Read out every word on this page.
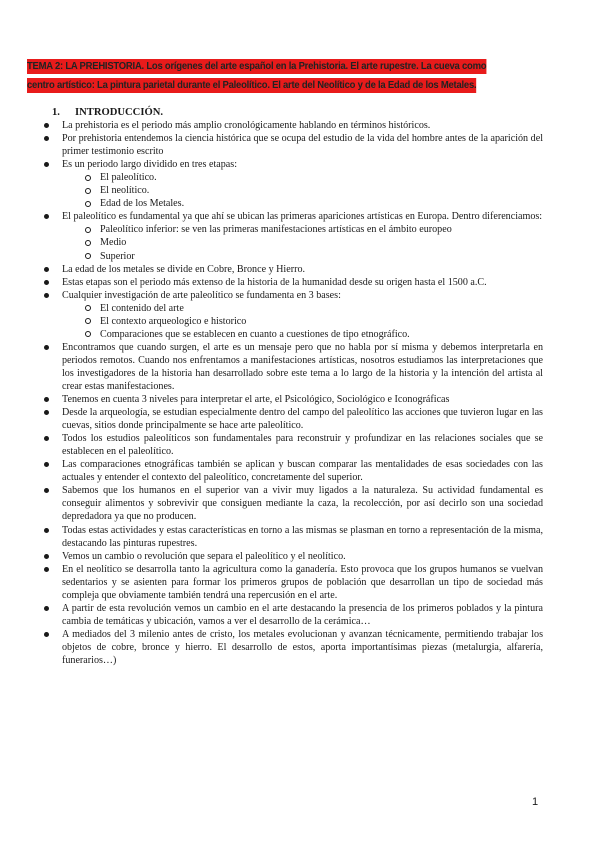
TEMA 2: LA PREHISTORIA. Los orígenes del arte español en la Prehistoria. El arte rupestre. La cueva como centro artístico: La pintura parietal durante el Paleolítico. El arte del Neolítico y de la Edad de los Metales.
1. INTRODUCCIÓN.
La prehistoria es el periodo más amplio cronológicamente hablando en términos históricos.
Por prehistoria entendemos la ciencia histórica que se ocupa del estudio de la vida del hombre antes de la aparición del primer testimonio escrito
Es un periodo largo dividido en tres etapas:
El paleolítico.
El neolítico.
Edad de los Metales.
El paleolítico es fundamental ya que ahí se ubican las primeras apariciones artísticas en Europa. Dentro diferenciamos:
Paleolítico inferior: se ven las primeras manifestaciones artísticas en el ámbito europeo
Medio
Superior
La edad de los metales se divide en Cobre, Bronce y Hierro.
Estas etapas son el periodo más extenso de la historia de la humanidad desde su origen hasta el 1500 a.C.
Cualquier investigación de arte paleolítico se fundamenta en 3 bases:
El contenido del arte
El contexto arqueologico e historico
Comparaciones que se establecen en cuanto a cuestiones de tipo etnográfico.
Encontramos que cuando surgen, el arte es un mensaje pero que no habla por sí misma y debemos interpretarla en periodos remotos. Cuando nos enfrentamos a manifestaciones artísticas, nosotros estudiamos las interpretaciones que los investigadores de la historia han desarrollado sobre este tema a lo largo de la historia y la intención del artista al crear estas manifestaciones.
Tenemos en cuenta 3 niveles para interpretar el arte, el Psicológico, Sociológico e Iconográficas
Desde la arqueología, se estudian especialmente dentro del campo del paleolítico las acciones que tuvieron lugar en las cuevas, sitios donde principalmente se hace arte paleolítico.
Todos los estudios paleolíticos son fundamentales para reconstruir y profundizar en las relaciones sociales que se establecen en el paleolítico.
Las comparaciones etnográficas también se aplican y buscan comparar las mentalidades de esas sociedades con las actuales y entender el contexto del paleolítico, concretamente del superior.
Sabemos que los humanos en el superior van a vivir muy ligados a la naturaleza. Su actividad fundamental es conseguir alimentos y sobrevivir que consiguen mediante la caza, la recolección, por así decirlo son una sociedad depredadora ya que no producen.
Todas estas actividades y estas características en torno a las mismas se plasman en torno a representación de la misma, destacando las pinturas rupestres.
Vemos un cambio o revolución que separa el paleolítico y el neolítico.
En el neolítico se desarrolla tanto la agricultura como la ganadería. Esto provoca que los grupos humanos se vuelvan sedentarios y se asienten para formar los primeros grupos de población que desarrollan un tipo de sociedad más compleja que obviamente también tendrá una repercusión en el arte.
A partir de esta revolución vemos un cambio en el arte destacando la presencia de los primeros poblados y la pintura cambia de temáticas y ubicación, vamos a ver el desarrollo de la cerámica…
A mediados del 3 milenio antes de cristo, los metales evolucionan y avanzan técnicamente, permitiendo trabajar los objetos de cobre, bronce y hierro. El desarrollo de estos, aporta importantísimas piezas (metalurgia, alfarería, funerarios…)
1
